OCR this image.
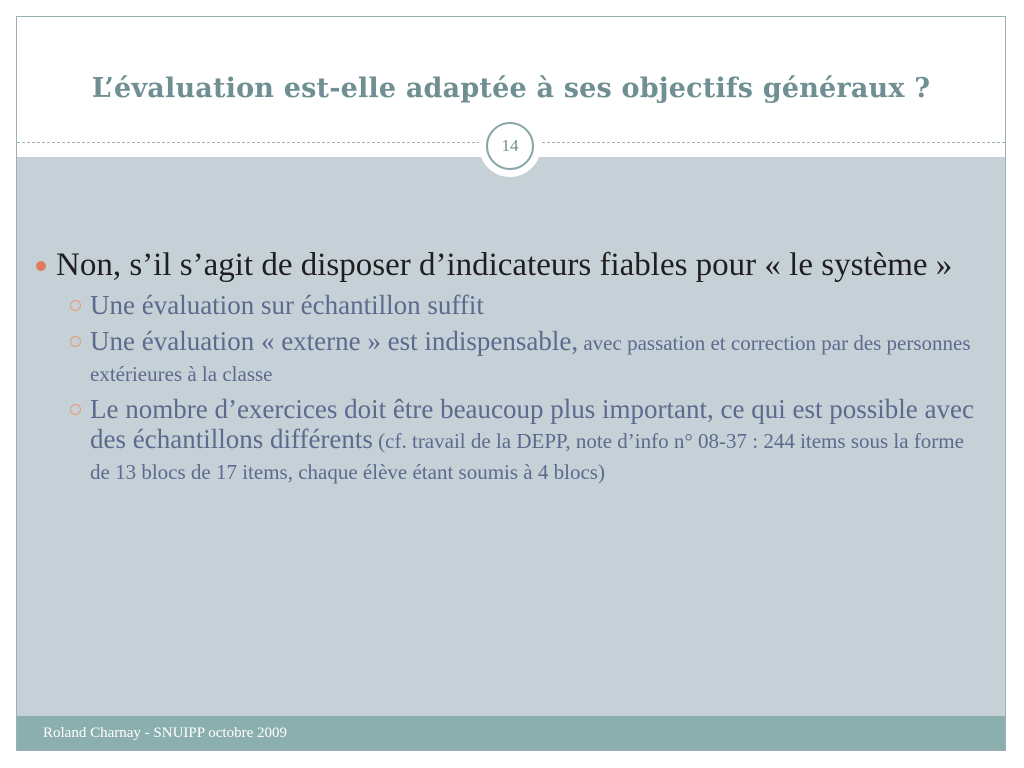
L’évaluation est-elle adaptée à ses objectifs généraux ?
14
Roland Charnay - SNUIPP octobre 2009
Non, s’il s’agit de disposer d’indicateurs fiables pour « le système »
Une évaluation sur échantillon suffit
Une évaluation « externe » est indispensable, avec passation et correction par des personnes extérieures à la classe
Le nombre d’exercices doit être beaucoup plus important, ce qui est possible avec des échantillons différents (cf. travail de la DEPP, note d’info n° 08-37 : 244 items sous la forme de 13 blocs de 17 items, chaque élève étant soumis à 4 blocs)
